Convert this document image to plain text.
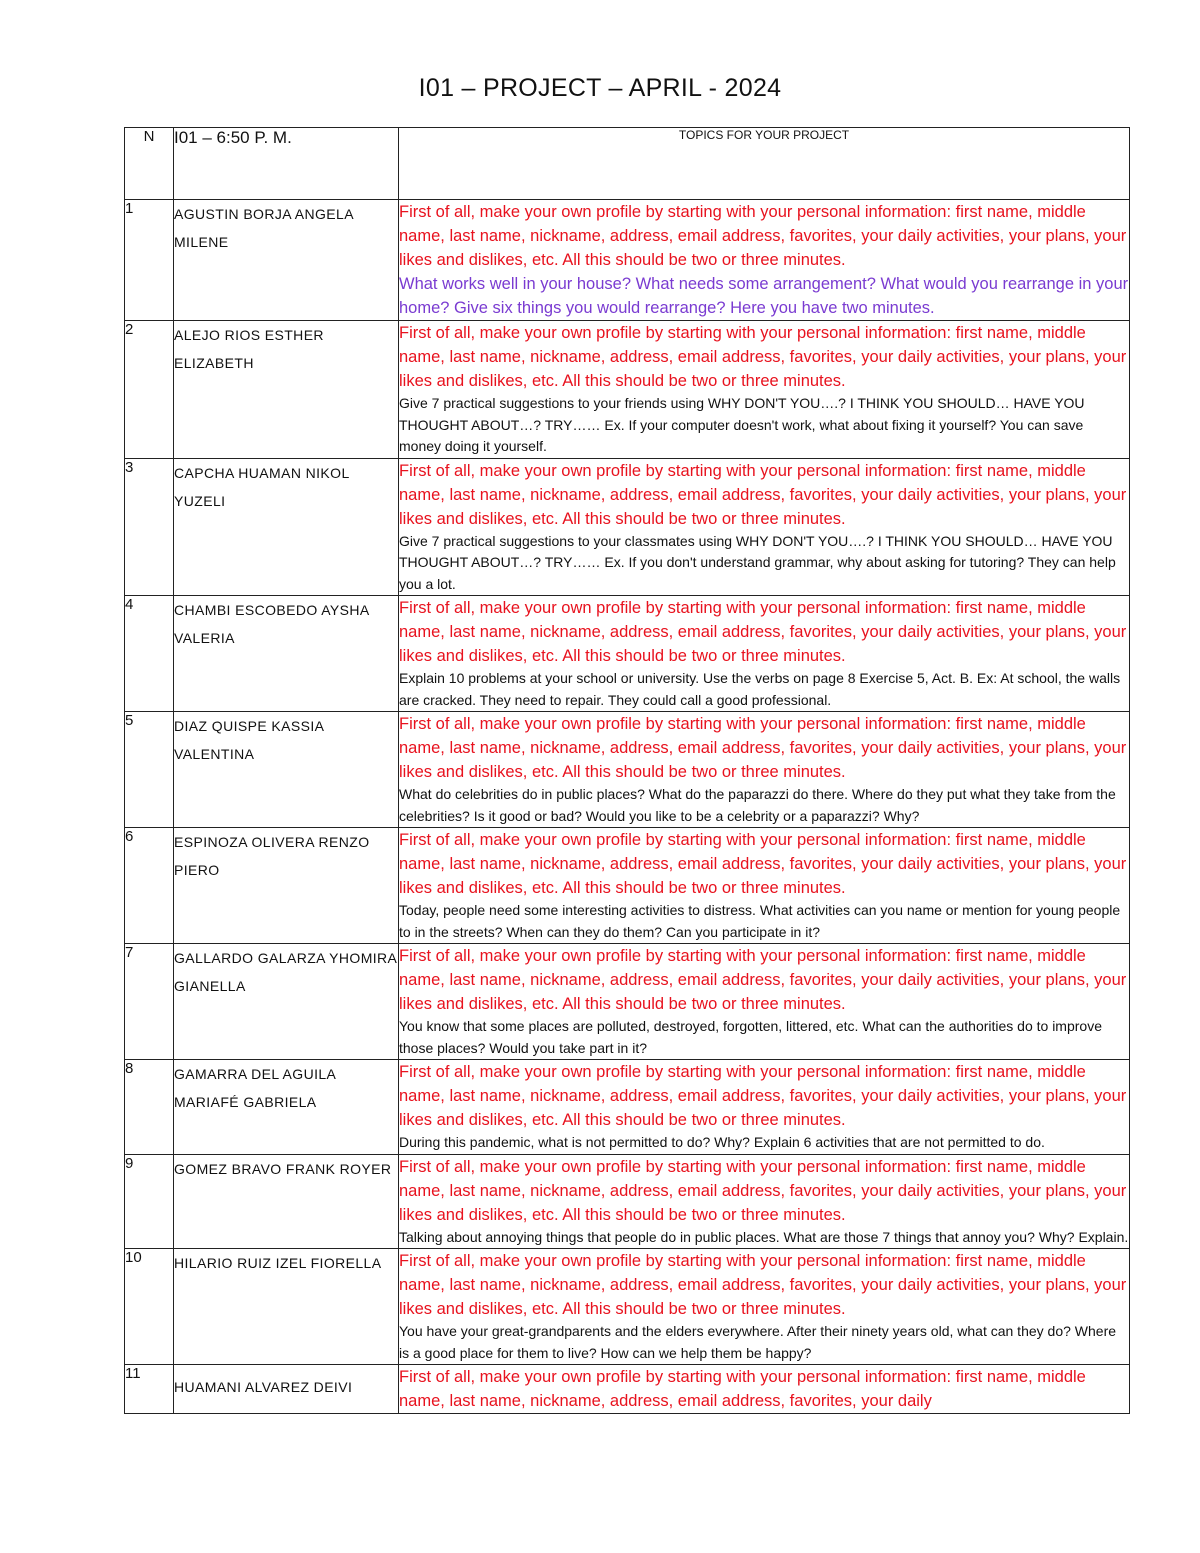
I01 – PROJECT – APRIL - 2024
N	I01 – 6:50 P. M.	TOPICS FOR YOUR PROJECT
1	AGUSTIN BORJA ANGELA MILENE	First of all, make your own profile by starting with your personal information: first name, middle name, last name, nickname, address, email address, favorites, your daily activities, your plans, your likes and dislikes, etc. All this should be two or three minutes.
What works well in your house? What needs some arrangement? What would you rearrange in your home? Give six things you would rearrange? Here you have two minutes.

2	ALEJO RIOS ESTHER ELIZABETH	First of all, make your own profile by starting with your personal information: first name, middle name, last name, nickname, address, email address, favorites, your daily activities, your plans, your likes and dislikes, etc. All this should be two or three minutes.
Give 7 practical suggestions to your friends using WHY DON'T YOU….? I THINK YOU SHOULD… HAVE YOU THOUGHT ABOUT…? TRY…… Ex. If your computer doesn't work, what about fixing it yourself? You can save money doing it yourself.

3	CAPCHA HUAMAN NIKOL YUZELI	First of all, make your own profile by starting with your personal information: first name, middle name, last name, nickname, address, email address, favorites, your daily activities, your plans, your likes and dislikes, etc. All this should be two or three minutes.
Give 7 practical suggestions to your classmates using WHY DON'T YOU….? I THINK YOU SHOULD… HAVE YOU THOUGHT ABOUT…? TRY…… Ex. If you don't understand grammar, why about asking for tutoring? They can help you a lot.

4	CHAMBI ESCOBEDO AYSHA VALERIA	First of all, make your own profile by starting with your personal information: first name, middle name, last name, nickname, address, email address, favorites, your daily activities, your plans, your likes and dislikes, etc. All this should be two or three minutes.
Explain 10 problems at your school or university. Use the verbs on page 8 Exercise 5, Act. B. Ex: At school, the walls are cracked. They need to repair. They could call a good professional.

5	DIAZ QUISPE KASSIA VALENTINA	First of all, make your own profile by starting with your personal information: first name, middle name, last name, nickname, address, email address, favorites, your daily activities, your plans, your likes and dislikes, etc. All this should be two or three minutes.
What do celebrities do in public places? What do the paparazzi do there. Where do they put what they take from the celebrities? Is it good or bad? Would you like to be a celebrity or a paparazzi? Why?

6	ESPINOZA OLIVERA RENZO PIERO	First of all, make your own profile by starting with your personal information: first name, middle name, last name, nickname, address, email address, favorites, your daily activities, your plans, your likes and dislikes, etc. All this should be two or three minutes.
Today, people need some interesting activities to distress. What activities can you name or mention for young people to in the streets? When can they do them? Can you participate in it?

7	GALLARDO GALARZA YHOMIRA GIANELLA	First of all, make your own profile by starting with your personal information: first name, middle name, last name, nickname, address, email address, favorites, your daily activities, your plans, your likes and dislikes, etc. All this should be two or three minutes.
You know that some places are polluted, destroyed, forgotten, littered, etc. What can the authorities do to improve those places? Would you take part in it?

8	GAMARRA DEL AGUILA MARIAFÉ GABRIELA	First of all, make your own profile by starting with your personal information: first name, middle name, last name, nickname, address, email address, favorites, your daily activities, your plans, your likes and dislikes, etc. All this should be two or three minutes.
During this pandemic, what is not permitted to do? Why? Explain 6 activities that are not permitted to do.

9	GOMEZ BRAVO FRANK ROYER	First of all, make your own profile by starting with your personal information: first name, middle name, last name, nickname, address, email address, favorites, your daily activities, your plans, your likes and dislikes, etc. All this should be two or three minutes.
Talking about annoying things that people do in public places. What are those 7 things that annoy you? Why? Explain.

10	HILARIO RUIZ IZEL FIORELLA	First of all, make your own profile by starting with your personal information: first name, middle name, last name, nickname, address, email address, favorites, your daily activities, your plans, your likes and dislikes, etc. All this should be two or three minutes.
You have your great-grandparents and the elders everywhere. After their ninety years old, what can they do? Where is a good place for them to live? How can we help them be happy?

11	HUAMANI ALVAREZ DEIVI	First of all, make your own profile by starting with your personal information: first name, middle name, last name, nickname, address, email address, favorites, your daily
